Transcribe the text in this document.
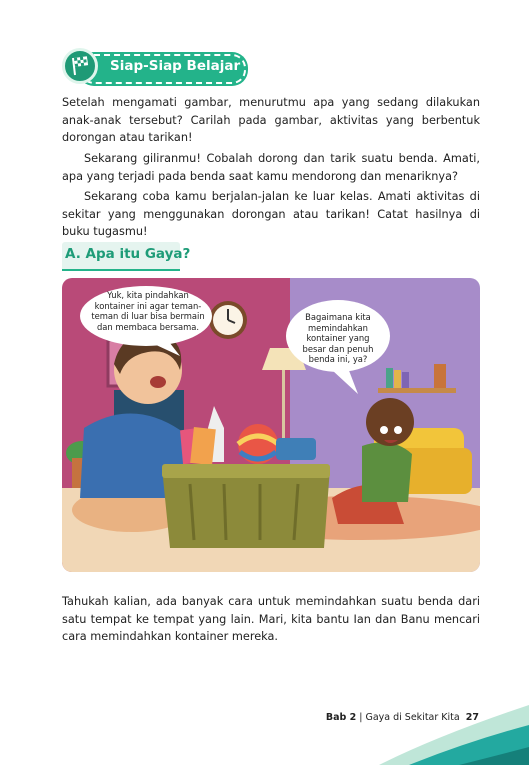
Siap-Siap Belajar

Setelah mengamati gambar, menurutmu apa yang sedang dilakukan anak-anak tersebut? Carilah pada gambar, aktivitas yang berbentuk dorongan atau tarikan!

Sekarang giliranmu! Cobalah dorong dan tarik suatu benda. Amati, apa yang terjadi pada benda saat kamu mendorong dan menariknya?

Sekarang coba kamu berjalan-jalan ke luar kelas. Amati aktivitas di sekitar yang menggunakan dorongan atau tarikan! Catat hasilnya di buku tugasmu!

A. Apa itu Gaya?
Yuk, kita pindahkan kontainer ini agar teman-teman di luar bisa bermain dan membaca bersama.
Bagaimana kita memindahkan kontainer yang besar dan penuh benda ini, ya?

Tahukah kalian, ada banyak cara untuk memindahkan suatu benda dari satu tempat ke tempat yang lain. Mari, kita bantu Ian dan Banu mencari cara memindahkan kontainer mereka.

Bab 2 | Gaya di Sekitar Kita 27
